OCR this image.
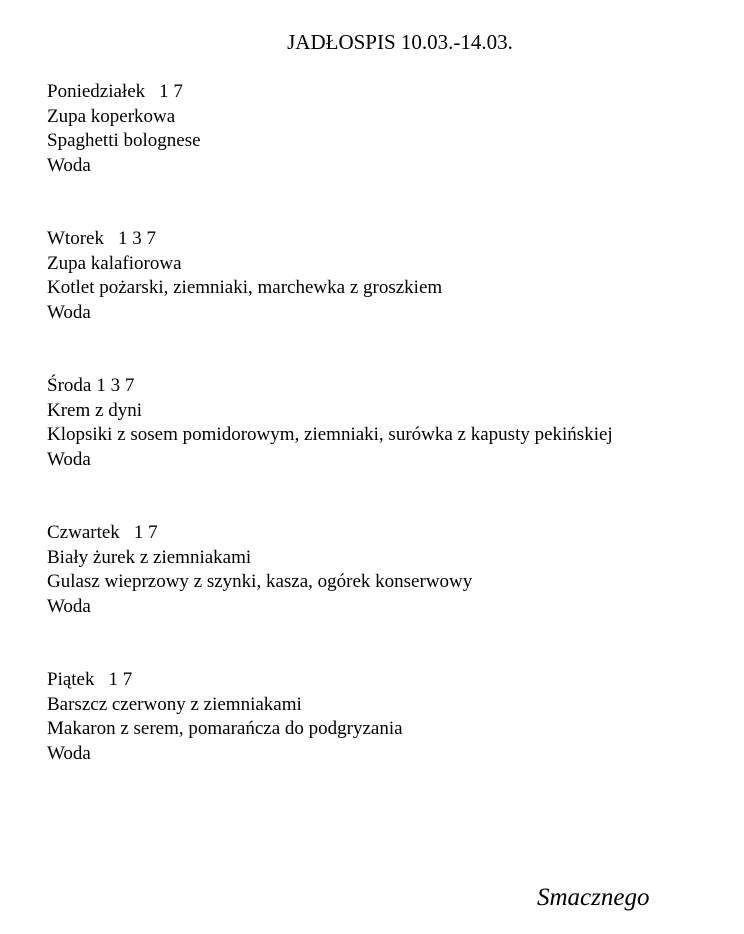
JADŁOSPIS 10.03.-14.03.
Poniedziałek 1 7
Zupa koperkowa
Spaghetti bolognese
Woda
Wtorek 1 3 7
Zupa kalafiorowa
Kotlet pożarski, ziemniaki, marchewka z groszkiem
Woda
Środa 1 3 7
Krem z dyni
Klopsiki z sosem pomidorowym, ziemniaki, surówka z kapusty pekińskiej
Woda
Czwartek 1 7
Biały żurek z ziemniakami
Gulasz wieprzowy z szynki, kasza, ogórek konserwowy
Woda
Piątek 1 7
Barszcz czerwony z ziemniakami
Makaron z serem, pomarańcza do podgryzania
Woda
Smacznego
